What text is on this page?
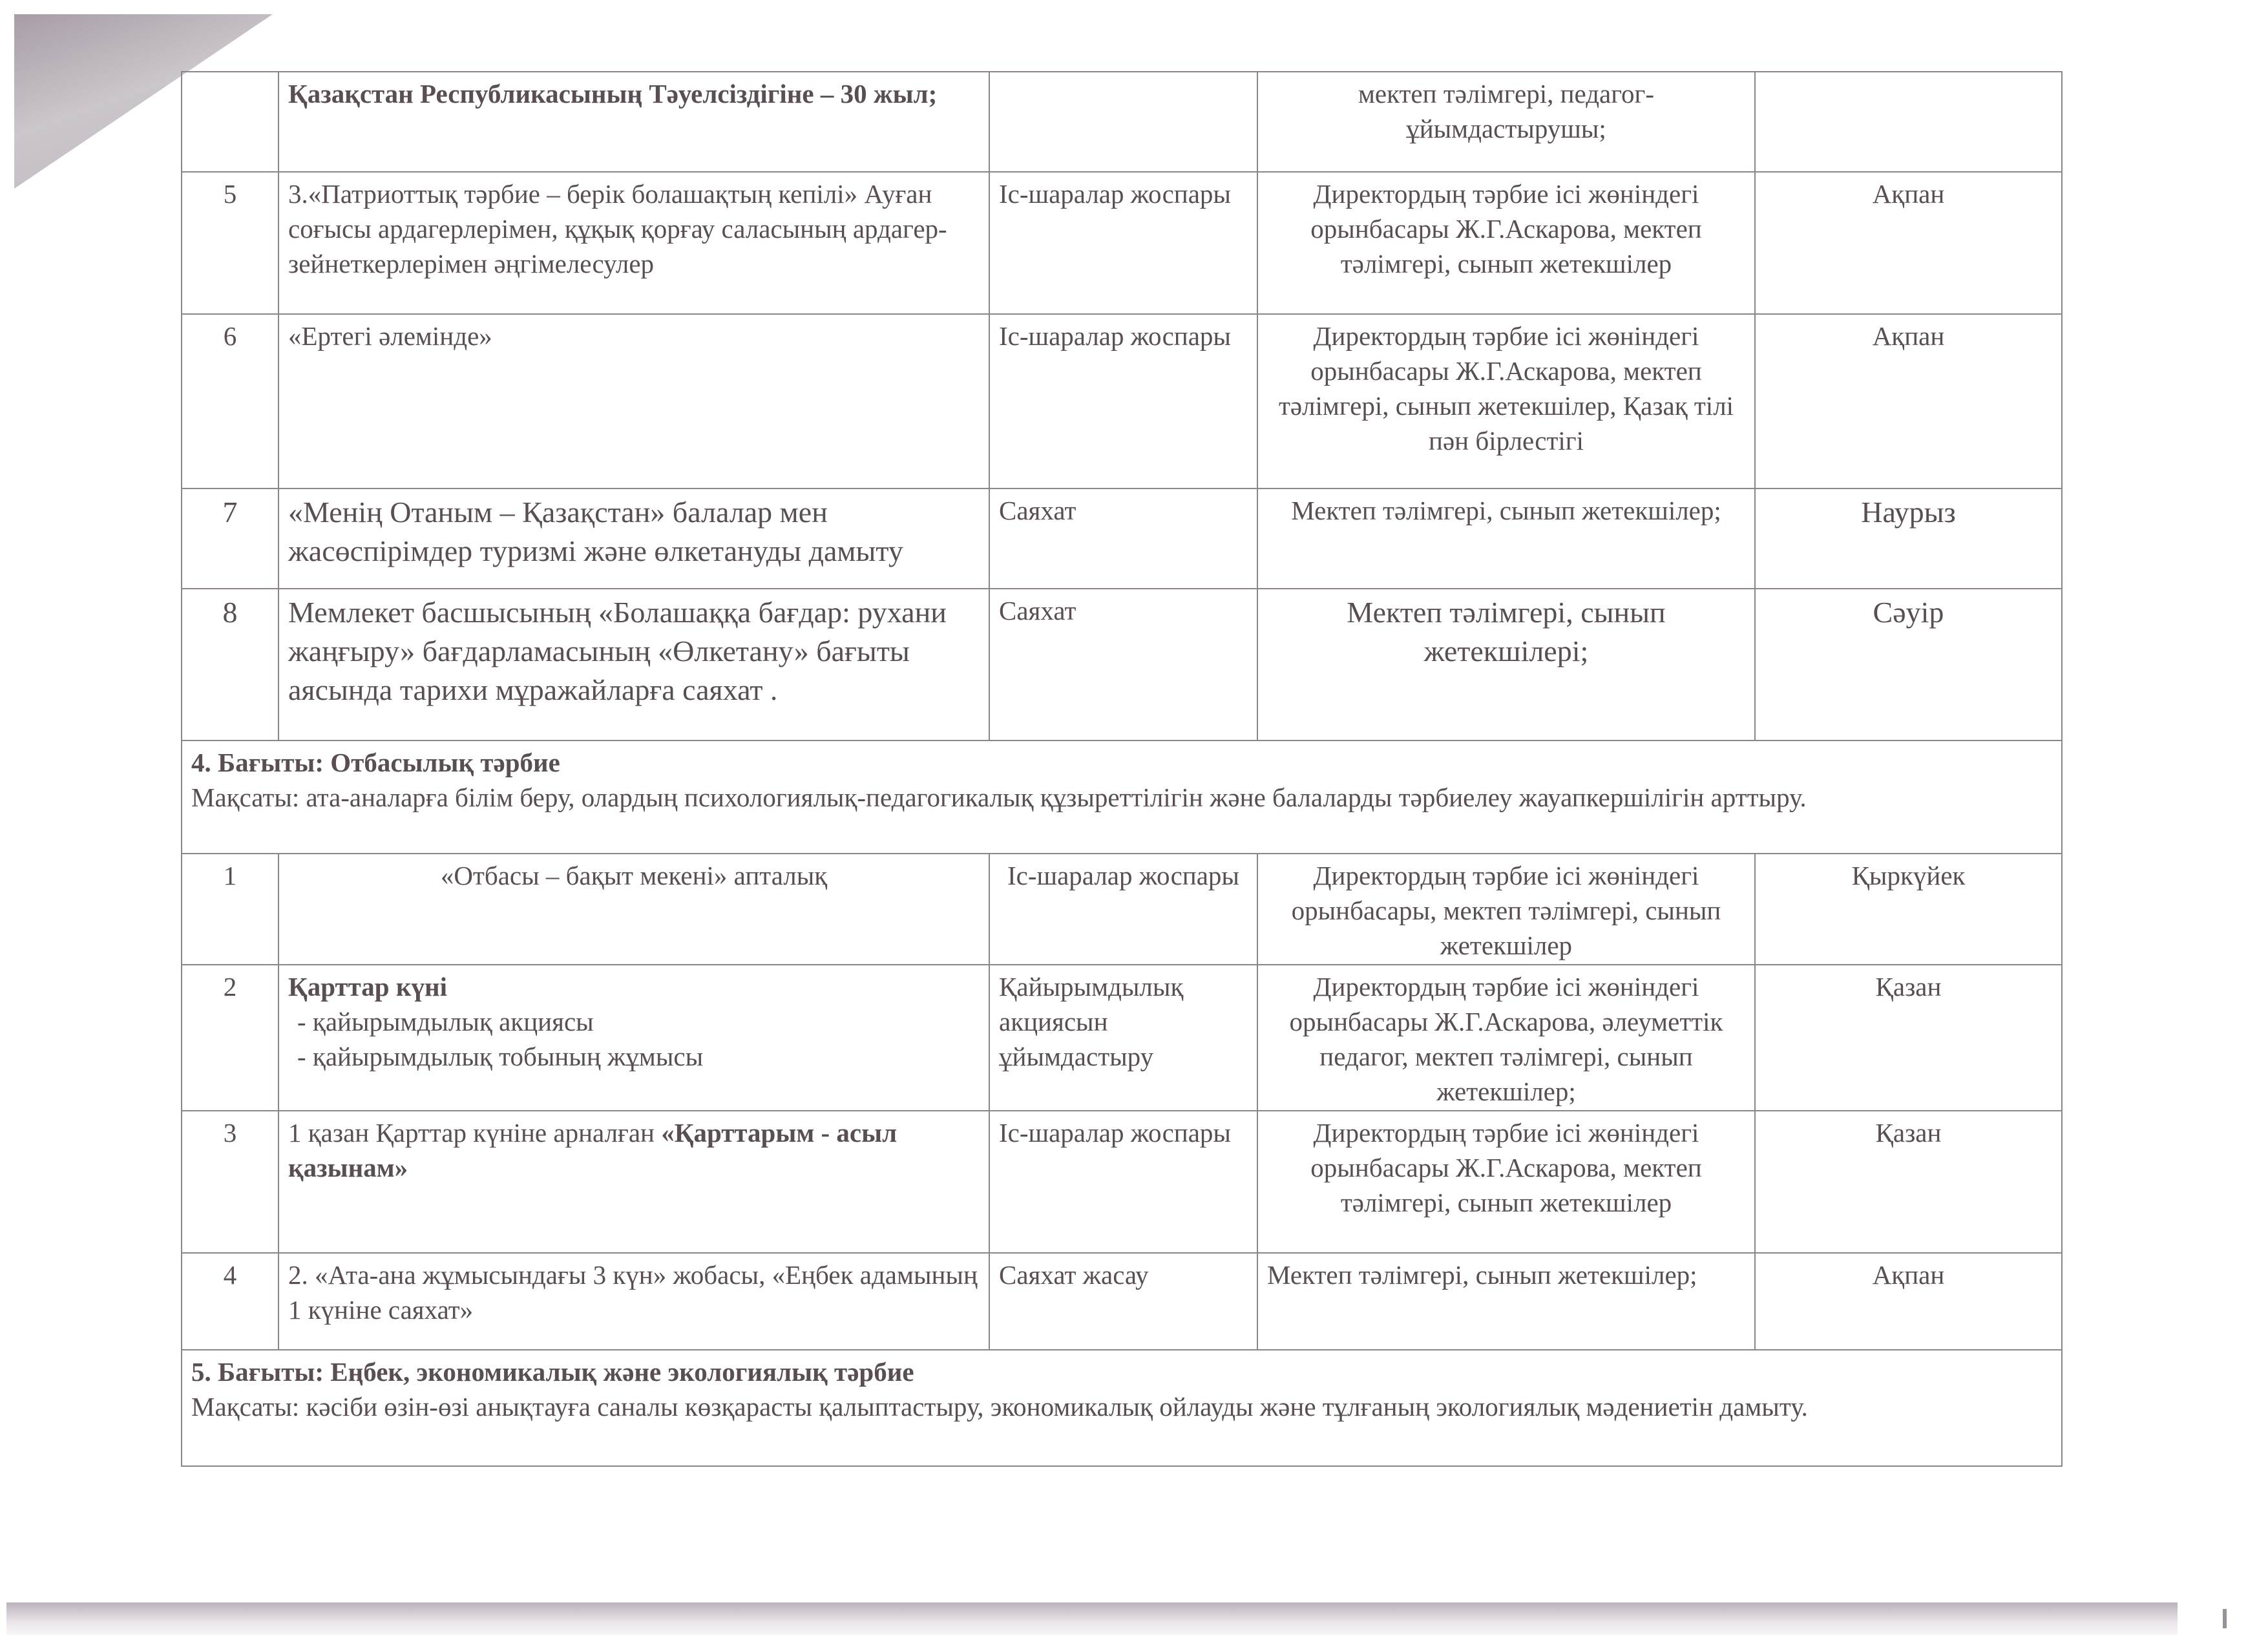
	Қазақстан Республикасының Тәуелсіздігіне – 30 жыл;		мектеп тәлімгері, педагог-ұйымдастырушы;	
5	3.«Патриоттық тәрбие – берік болашақтың кепілі» Ауған соғысы ардагерлерімен, құқық қорғау саласының ардагер-зейнеткерлерімен әңгімелесулер	Іс-шаралар жоспары	Директордың тәрбие ісі жөніндегі орынбасары Ж.Г.Аскарова, мектеп тәлімгері, сынып жетекшілер	Ақпан
6	«Ертегі әлемінде»	Іс-шаралар жоспары	Директордың тәрбие ісі жөніндегі орынбасары Ж.Г.Аскарова, мектеп тәлімгері, сынып жетекшілер, Қазақ тілі пән бірлестігі	Ақпан
7	«Менің Отаным – Қазақстан» балалар мен жасөспірімдер туризмі және өлкетануды дамыту	Саяхат	Мектеп тәлімгері, сынып жетекшілер;	Наурыз
8	Мемлекет басшысының «Болашаққа бағдар: рухани жаңғыру» бағдарламасының «Өлкетану» бағыты аясында тарихи мұражайларға саяхат .	Саяхат	Мектеп тәлімгері, сынып жетекшілері;	Сәуір

4. Бағыты: Отбасылық тәрбие
Мақсаты: ата-аналарға білім беру, олардың психологиялық-педагогикалық құзыреттілігін және балаларды тәрбиелеу жауапкершілігін арттыру.				
1	«Отбасы – бақыт мекені» апталық	Іс-шаралар жоспары	Директордың тәрбие ісі жөніндегі орынбасары, мектеп тәлімгері, сынып жетекшілер	Қыркүйек
2	Қарттар күні
- қайырымдылық акциясы
- қайырымдылық тобының жұмысы	Қайырымдылық акциясын ұйымдастыру	Директордың тәрбие ісі жөніндегі орынбасары Ж.Г.Аскарова, әлеуметтік педагог, мектеп тәлімгері, сынып жетекшілер;	Қазан
3	1 қазан Қарттар күніне арналған «Қарттарым - асыл қазынам»	Іс-шаралар жоспары	Директордың тәрбие ісі жөніндегі орынбасары Ж.Г.Аскарова, мектеп тәлімгері, сынып жетекшілер	Қазан
4	2. «Ата-ана жұмысындағы 3 күн» жобасы, «Еңбек адамының 1 күніне саяхат»	Саяхат жасау	Мектеп тәлімгері, сынып жетекшілер;	Ақпан

5. Бағыты: Еңбек, экономикалық және экологиялық тәрбие
Мақсаты: кәсіби өзін-өзі анықтауға саналы көзқарасты қалыптастыру, экономикалық ойлауды және тұлғаның экологиялық мәдениетін дамыту.				
